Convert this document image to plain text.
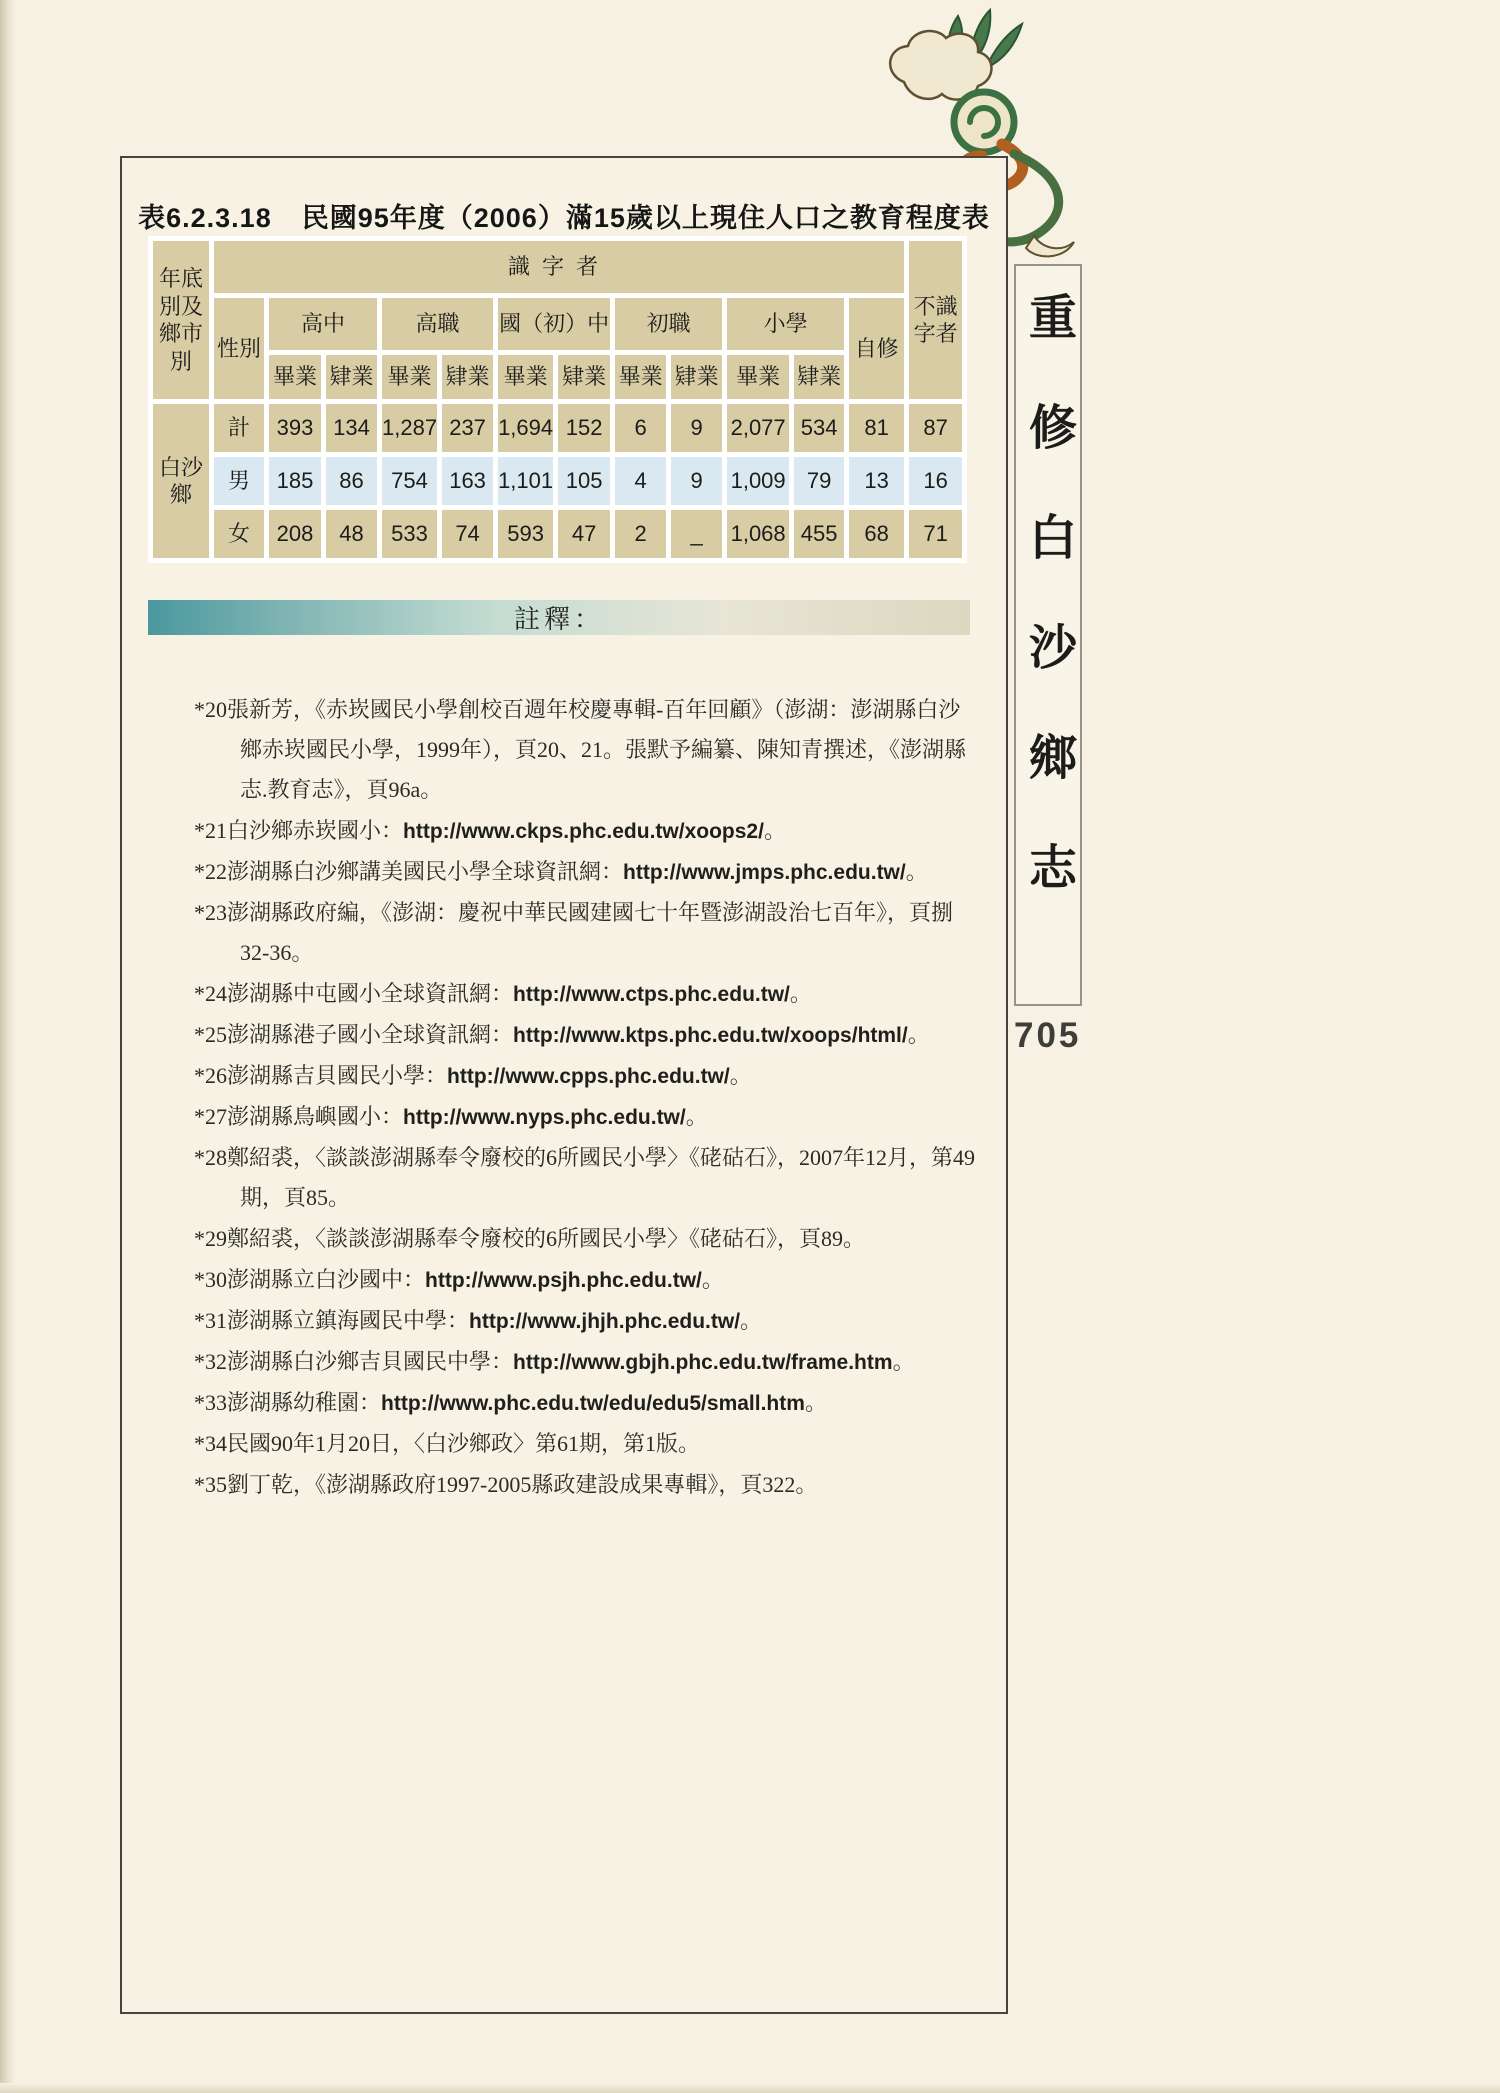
表6.2.3.18 民國95年度（2006）滿15歲以上現住人口之教育程度表
年底別及鄉市別	識字者												不識字者
	性別	高中		高職		國（初）中		初職		小學		自修	
		畢業	肄業	畢業	肄業	畢業	肄業	畢業	肄業	畢業	肄業		
白沙鄉	計	393	134	1,287	237	1,694	152	6	9	2,077	534	81	87
	男	185	86	754	163	1,101	105	4	9	1,009	79	13	16
	女	208	48	533	74	593	47	2	_	1,068	455	68	71
註釋：

*20張新芳，《赤崁國民小學創校百週年校慶專輯-百年回顧》（澎湖：澎湖縣白沙鄉赤崁國民小學，1999年），頁20、21。張默予編纂、陳知青撰述，《澎湖縣志.教育志》，頁96a。

*21白沙鄉赤崁國小：http://www.ckps.phc.edu.tw/xoops2/。

*22澎湖縣白沙鄉講美國民小學全球資訊網：http://www.jmps.phc.edu.tw/。

*23澎湖縣政府編，《澎湖：慶祝中華民國建國七十年暨澎湖設治七百年》，頁捌32-36。

*24澎湖縣中屯國小全球資訊網：http://www.ctps.phc.edu.tw/。

*25澎湖縣港子國小全球資訊網：http://www.ktps.phc.edu.tw/xoops/html/。

*26澎湖縣吉貝國民小學：http://www.cpps.phc.edu.tw/。

*27澎湖縣鳥嶼國小：http://www.nyps.phc.edu.tw/。

*28鄭紹裘，〈談談澎湖縣奉令廢校的6所國民小學〉《硓𥑮石》，2007年12月，第49期，頁85。

*29鄭紹裘，〈談談澎湖縣奉令廢校的6所國民小學〉《硓𥑮石》，頁89。

*30澎湖縣立白沙國中：http://www.psjh.phc.edu.tw/。

*31澎湖縣立鎮海國民中學：http://www.jhjh.phc.edu.tw/。

*32澎湖縣白沙鄉吉貝國民中學：http://www.gbjh.phc.edu.tw/frame.htm。

*33澎湖縣幼稚園：http://www.phc.edu.tw/edu/edu5/small.htm。

*34民國90年1月20日，〈白沙鄉政〉第61期，第1版。

*35劉丁乾，《澎湖縣政府1997-2005縣政建設成果專輯》，頁322。

重修白沙鄉志
705
